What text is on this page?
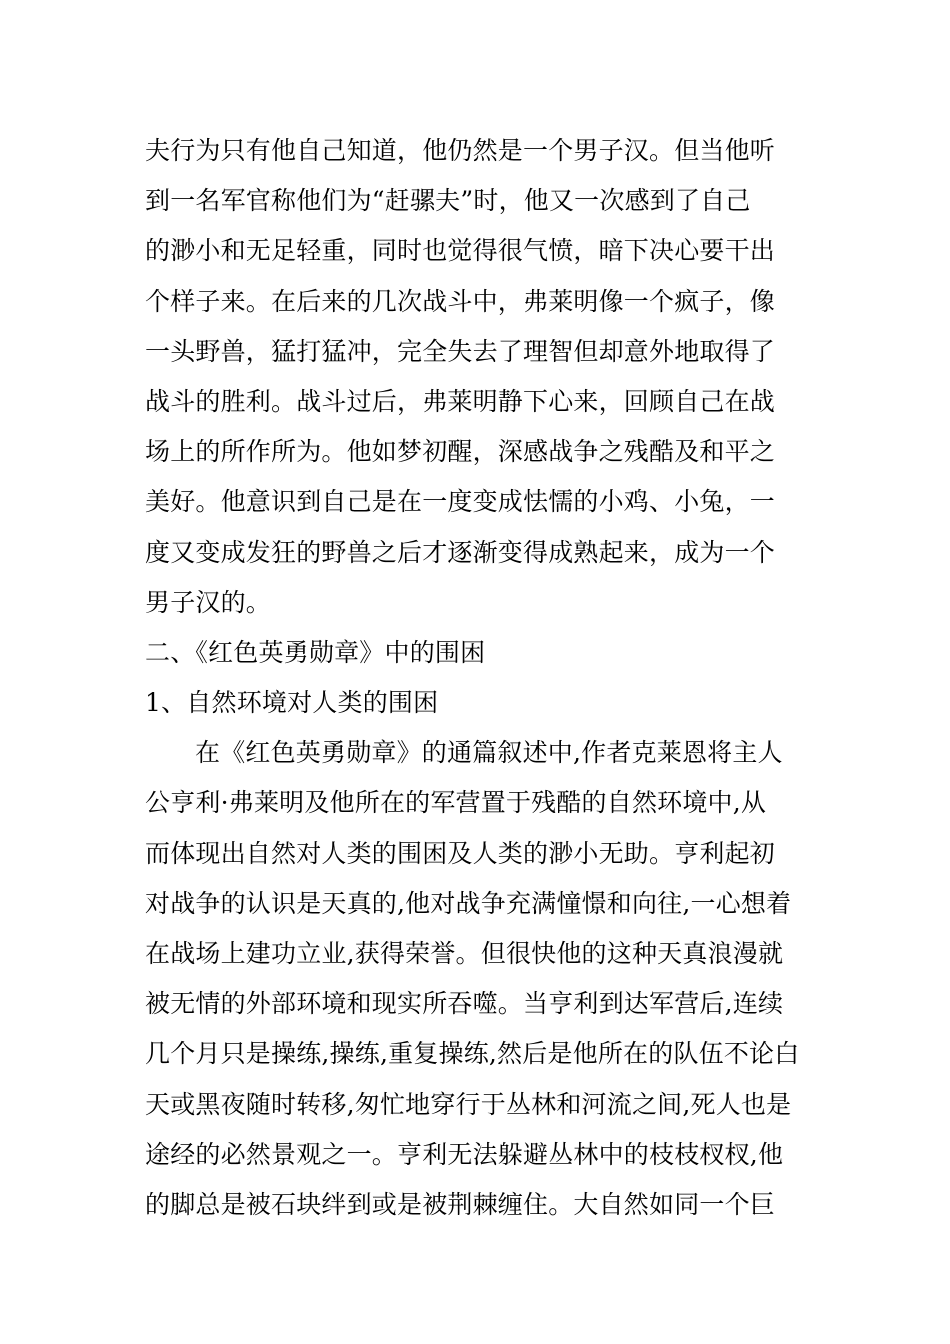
夫行为只有他自己知道，他仍然是一个男子汉。但当他听
到一名军官称他们为“赶骡夫”时，他又一次感到了自己
的渺小和无足轻重，同时也觉得很气愤，暗下决心要干出
个样子来。在后来的几次战斗中，弗莱明像一个疯子，像
一头野兽，猛打猛冲，完全失去了理智但却意外地取得了
战斗的胜利。战斗过后，弗莱明静下心来，回顾自己在战
场上的所作所为。他如梦初醒，深感战争之残酷及和平之
美好。他意识到自己是在一度变成怯懦的小鸡、小兔，一
度又变成发狂的野兽之后才逐渐变得成熟起来，成为一个
男子汉的。
二、《红色英勇勋章》中的围困
1、自然环境对人类的围困
在《红色英勇勋章》的通篇叙述中,作者克莱恩将主人
公亨利·弗莱明及他所在的军营置于残酷的自然环境中,从
而体现出自然对人类的围困及人类的渺小无助。亨利起初
对战争的认识是天真的,他对战争充满憧憬和向往,一心想着
在战场上建功立业,获得荣誉。但很快他的这种天真浪漫就
被无情的外部环境和现实所吞噬。当亨利到达军营后,连续
几个月只是操练,操练,重复操练,然后是他所在的队伍不论白
天或黑夜随时转移,匆忙地穿行于丛林和河流之间,死人也是
途经的必然景观之一。亨利无法躲避丛林中的枝枝杈杈,他
的脚总是被石块绊到或是被荆棘缠住。大自然如同一个巨
